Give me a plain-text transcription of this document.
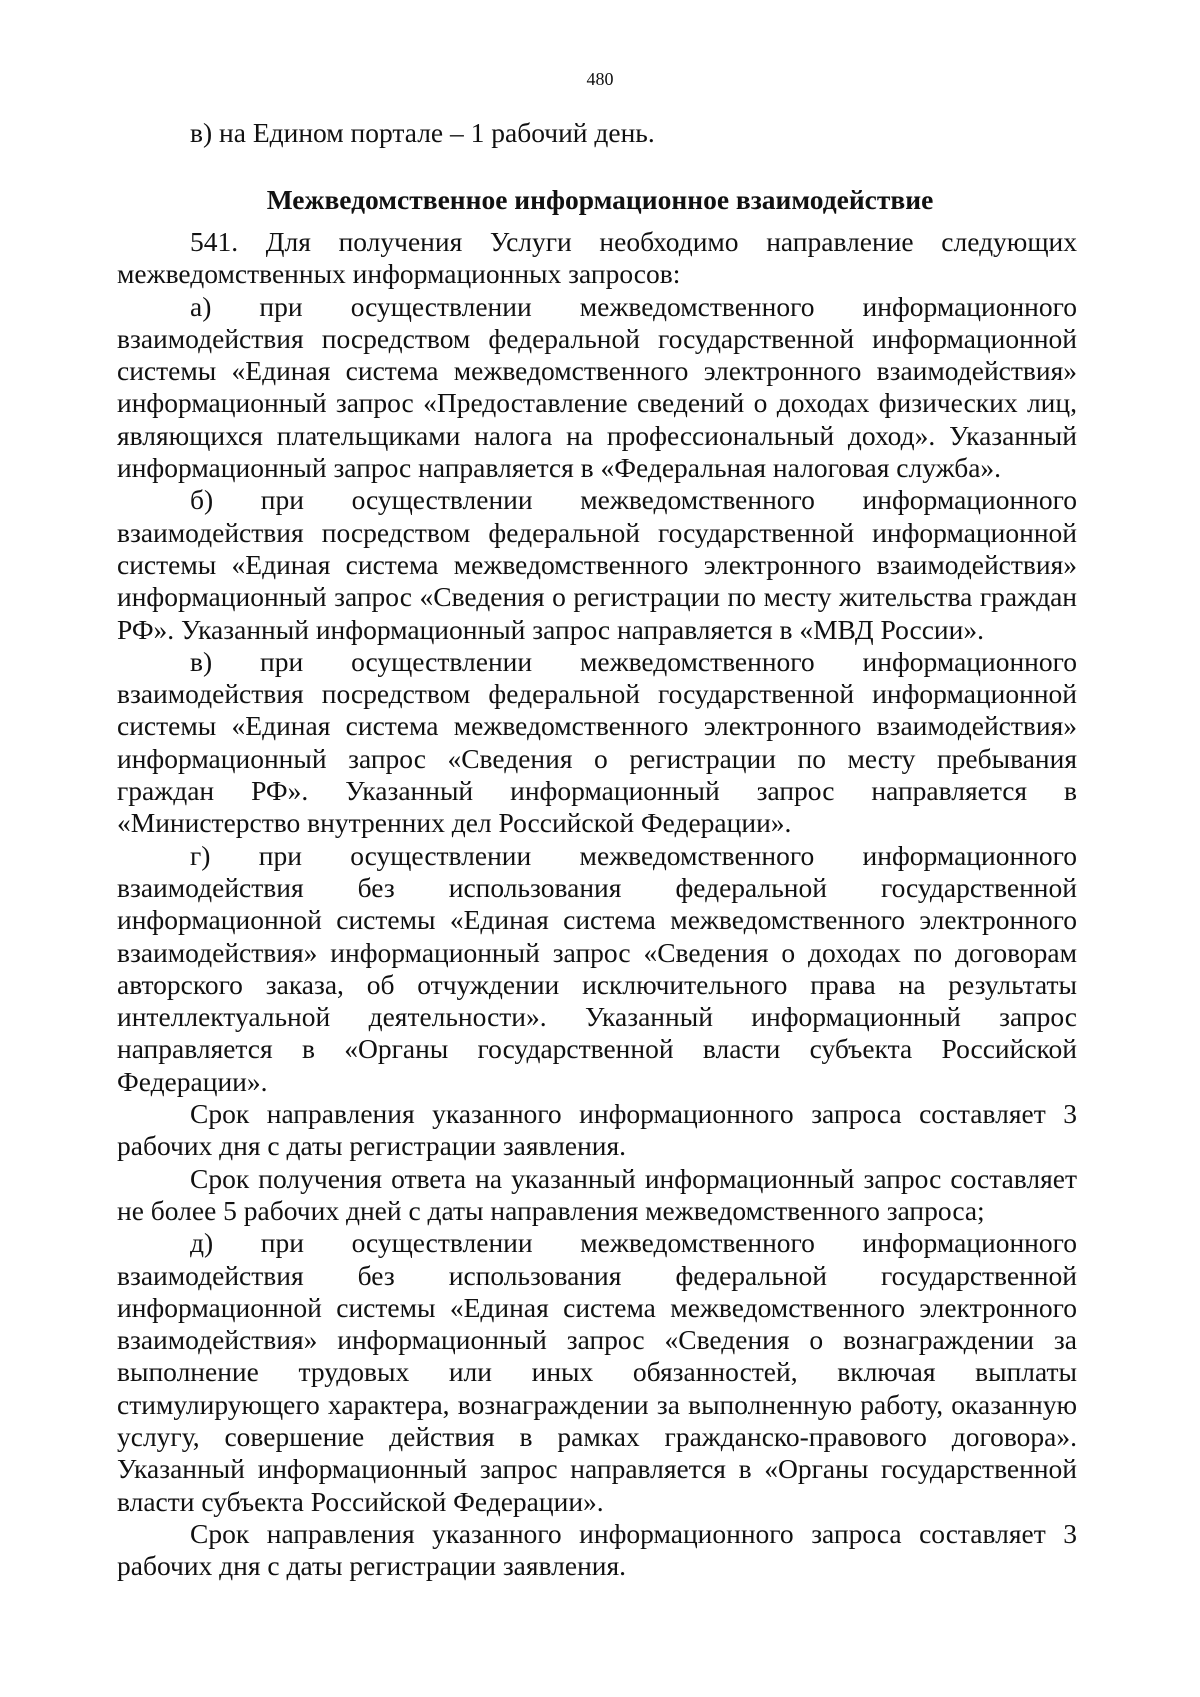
480

в) на Едином портале – 1 рабочий день.

Межведомственное информационное взаимодействие

541. Для получения Услуги необходимо направление следующих межведомственных информационных запросов:

а) при осуществлении межведомственного информационного взаимодействия посредством федеральной государственной информационной системы «Единая система межведомственного электронного взаимодействия» информационный запрос «Предоставление сведений о доходах физических лиц, являющихся плательщиками налога на профессиональный доход». Указанный информационный запрос направляется в «Федеральная налоговая служба».

б) при осуществлении межведомственного информационного взаимодействия посредством федеральной государственной информационной системы «Единая система межведомственного электронного взаимодействия» информационный запрос «Сведения о регистрации по месту жительства граждан РФ». Указанный информационный запрос направляется в «МВД России».

в) при осуществлении межведомственного информационного взаимодействия посредством федеральной государственной информационной системы «Единая система межведомственного электронного взаимодействия» информационный запрос «Сведения о регистрации по месту пребывания граждан РФ». Указанный информационный запрос направляется в «Министерство внутренних дел Российской Федерации».

г) при осуществлении межведомственного информационного взаимодействия без использования федеральной государственной информационной системы «Единая система межведомственного электронного взаимодействия» информационный запрос «Сведения о доходах по договорам авторского заказа, об отчуждении исключительного права на результаты интеллектуальной деятельности». Указанный информационный запрос направляется в «Органы государственной власти субъекта Российской Федерации».

Срок направления указанного информационного запроса составляет 3 рабочих дня с даты регистрации заявления.

Срок получения ответа на указанный информационный запрос составляет не более 5 рабочих дней с даты направления межведомственного запроса;

д) при осуществлении межведомственного информационного взаимодействия без использования федеральной государственной информационной системы «Единая система межведомственного электронного взаимодействия» информационный запрос «Сведения о вознаграждении за выполнение трудовых или иных обязанностей, включая выплаты стимулирующего характера, вознаграждении за выполненную работу, оказанную услугу, совершение действия в рамках гражданско-правового договора». Указанный информационный запрос направляется в «Органы государственной власти субъекта Российской Федерации».

Срок направления указанного информационного запроса составляет 3 рабочих дня с даты регистрации заявления.
